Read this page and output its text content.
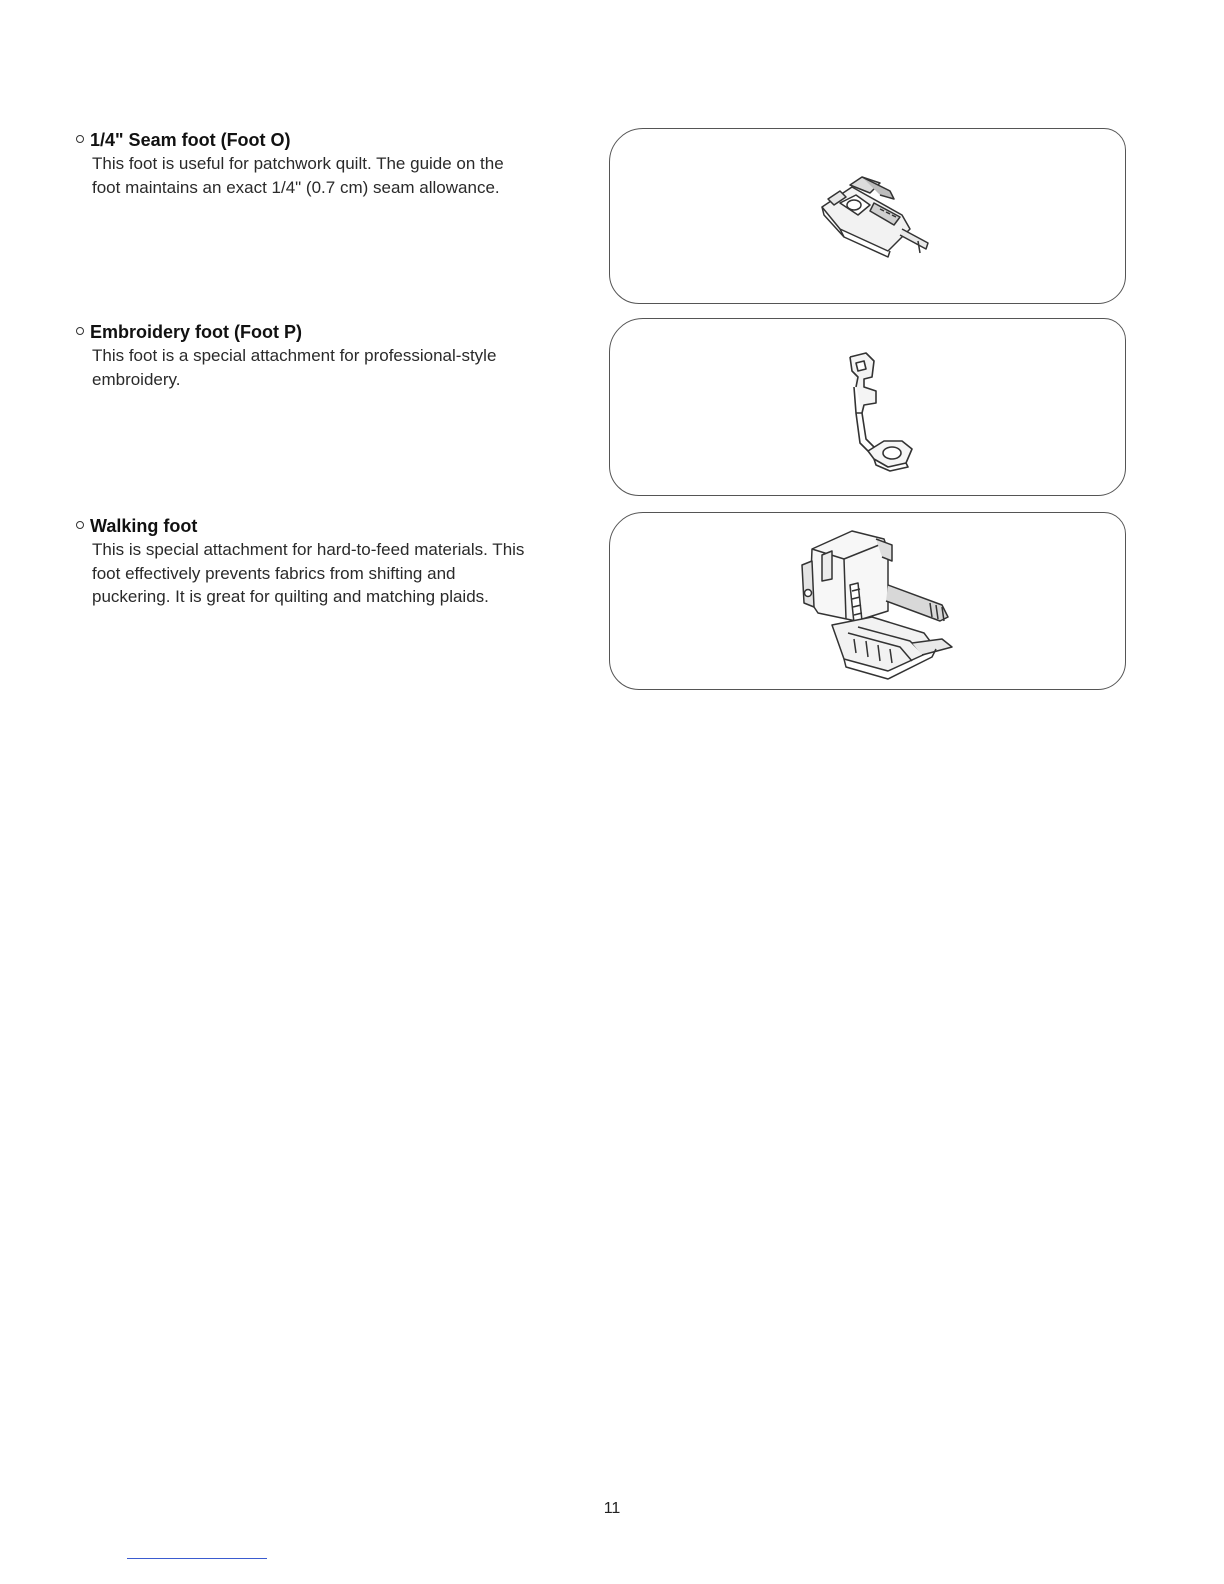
1/4" Seam foot (Foot O)
This foot is useful for patchwork quilt. The guide on the
foot maintains an exact 1/4" (0.7 cm) seam allowance.
Embroidery foot (Foot P)
This foot is a special attachment for professional-style
embroidery.
Walking foot
This is special attachment for hard-to-feed materials. This
foot effectively prevents fabrics from shifting and
puckering. It is great for quilting and matching plaids.
11
